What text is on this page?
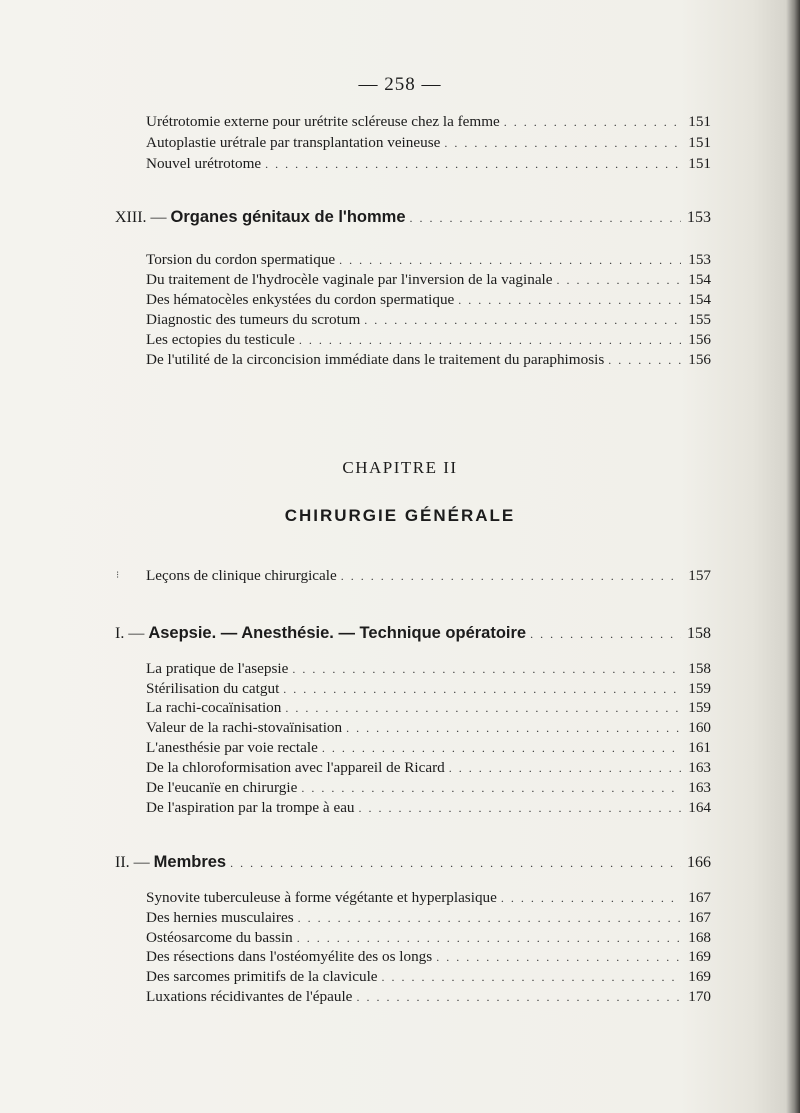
— 258 —
Urétrotomie externe pour urétrite scléreuse chez la femme . . .	151
Autoplastie urétrale par transplantation veineuse . . .	151
Nouvel urétrotome . . .	151
XIII. — Organes génitaux de l'homme . . .	153
Torsion du cordon spermatique . . .	153
Du traitement de l'hydrocèle vaginale par l'inversion de la vaginale . . .	154
Des hématocèles enkystées du cordon spermatique . . .	154
Diagnostic des tumeurs du scrotum . . .	155
Les ectopies du testicule . . .	156
De l'utilité de la circoncision immédiate dans le traitement du paraphimosis . . .	156
CHAPITRE II
CHIRURGIE GÉNÉRALE
⁝ Leçons de clinique chirurgicale . . .	157
I. — Asepsie. — Anesthésie. — Technique opératoire . . .	158
La pratique de l'asepsie . . .	158
Stérilisation du catgut . . .	159
La rachi-cocaïnisation . . .	159
Valeur de la rachi-stovaïnisation . . .	160
L'anesthésie par voie rectale . . .	161
De la chloroformisation avec l'appareil de Ricard . . .	163
De l'eucanïe en chirurgie . . .	163
De l'aspiration par la trompe à eau . . .	164
II. — Membres . . .	166
Synovite tuberculeuse à forme végétante et hyperplasique . . .	167
Des hernies musculaires . . .	167
Ostéosarcome du bassin . . .	168
Des résections dans l'ostéomyélite des os longs . . .	169
Des sarcomes primitifs de la clavicule . . .	169
Luxations récidivantes de l'épaule . . .	170
